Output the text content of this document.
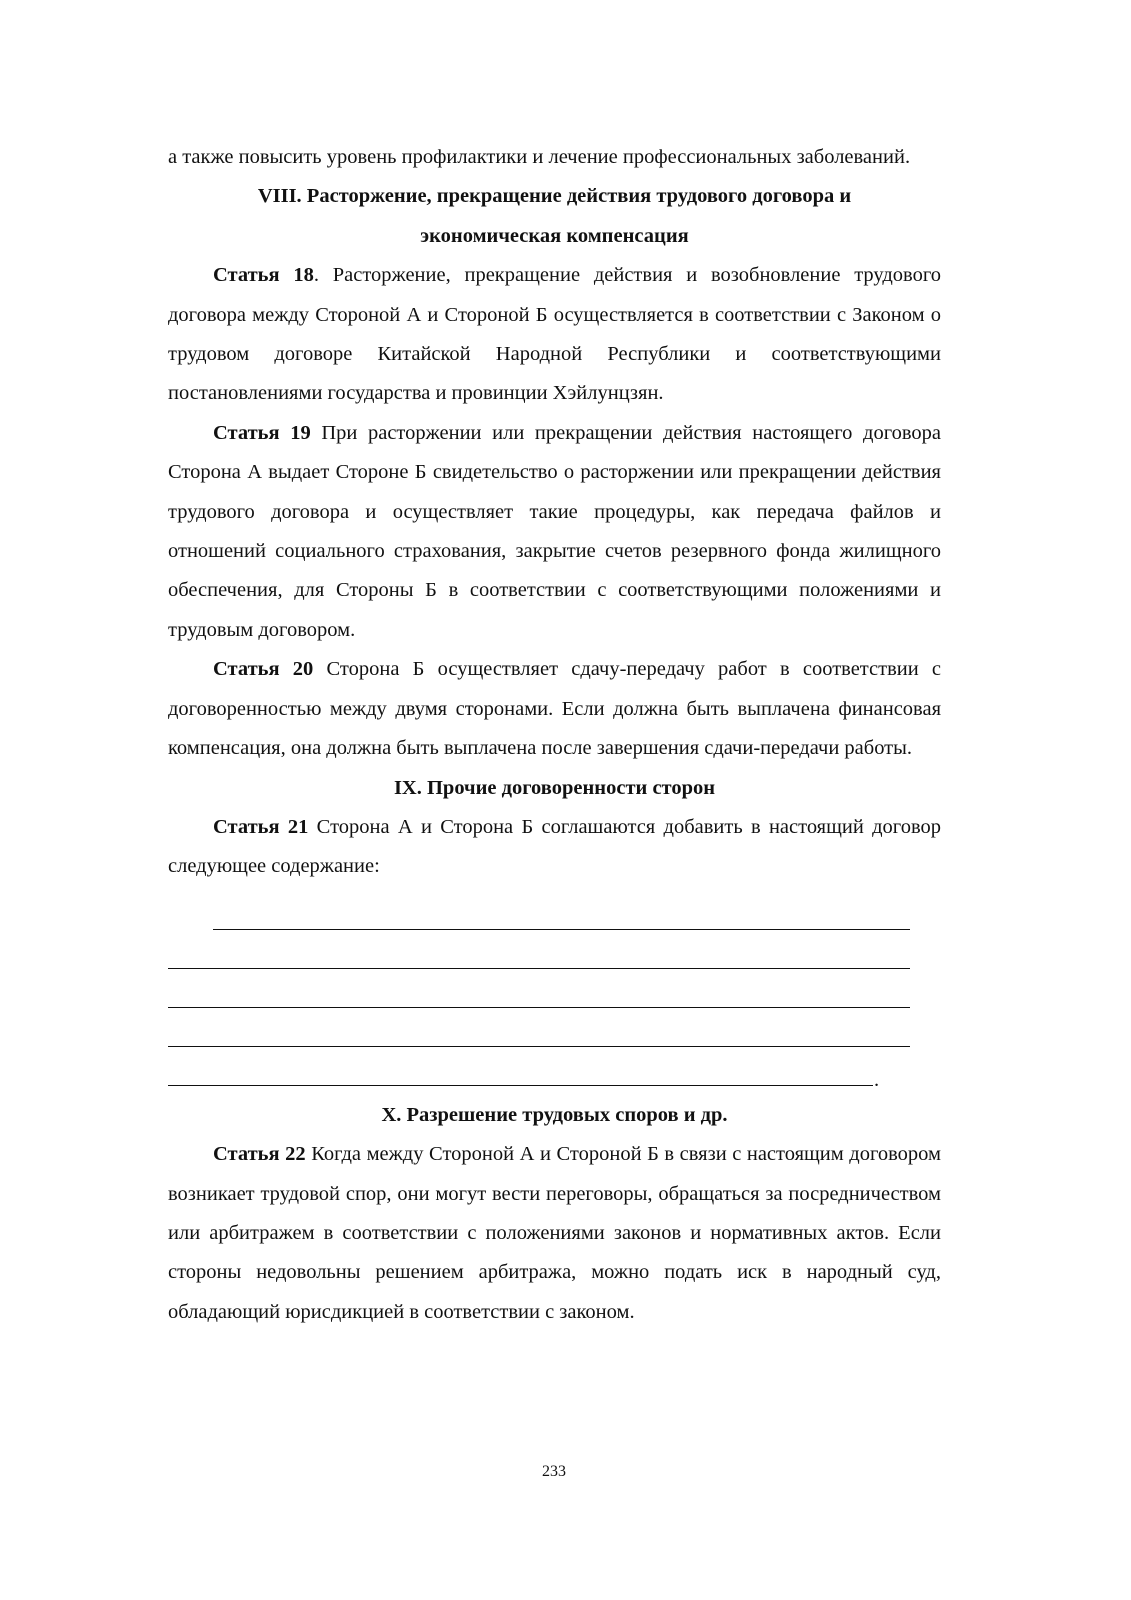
а также повысить уровень профилактики и лечение профессиональных заболеваний.

VIII. Расторжение, прекращение действия трудового договора и

экономическая компенсация

Статья 18. Расторжение, прекращение действия и возобновление трудового договора между Стороной А и Стороной Б осуществляется в соответствии с Законом о трудовом договоре Китайской Народной Республики и соответствующими постановлениями государства и провинции Хэйлунцзян.

Статья 19 При расторжении или прекращении действия настоящего договора Сторона А выдает Стороне Б свидетельство о расторжении или прекращении действия трудового договора и осуществляет такие процедуры, как передача файлов и отношений социального страхования, закрытие счетов резервного фонда жилищного обеспечения, для Стороны Б в соответствии с соответствующими положениями и трудовым договором.

Статья 20 Сторона Б осуществляет сдачу-передачу работ в соответствии с договоренностью между двумя сторонами. Если должна быть выплачена финансовая компенсация, она должна быть выплачена после завершения сдачи-передачи работы.

IX. Прочие договоренности сторон

Статья 21 Сторона А и Сторона Б соглашаются добавить в настоящий договор следующее содержание:

.

X. Разрешение трудовых споров и др.

Статья 22 Когда между Стороной А и Стороной Б в связи с настоящим договором возникает трудовой спор, они могут вести переговоры, обращаться за посредничеством или арбитражем в соответствии с положениями законов и нормативных актов. Если стороны недовольны решением арбитража, можно подать иск в народный суд, обладающий юрисдикцией в соответствии с законом.

233
